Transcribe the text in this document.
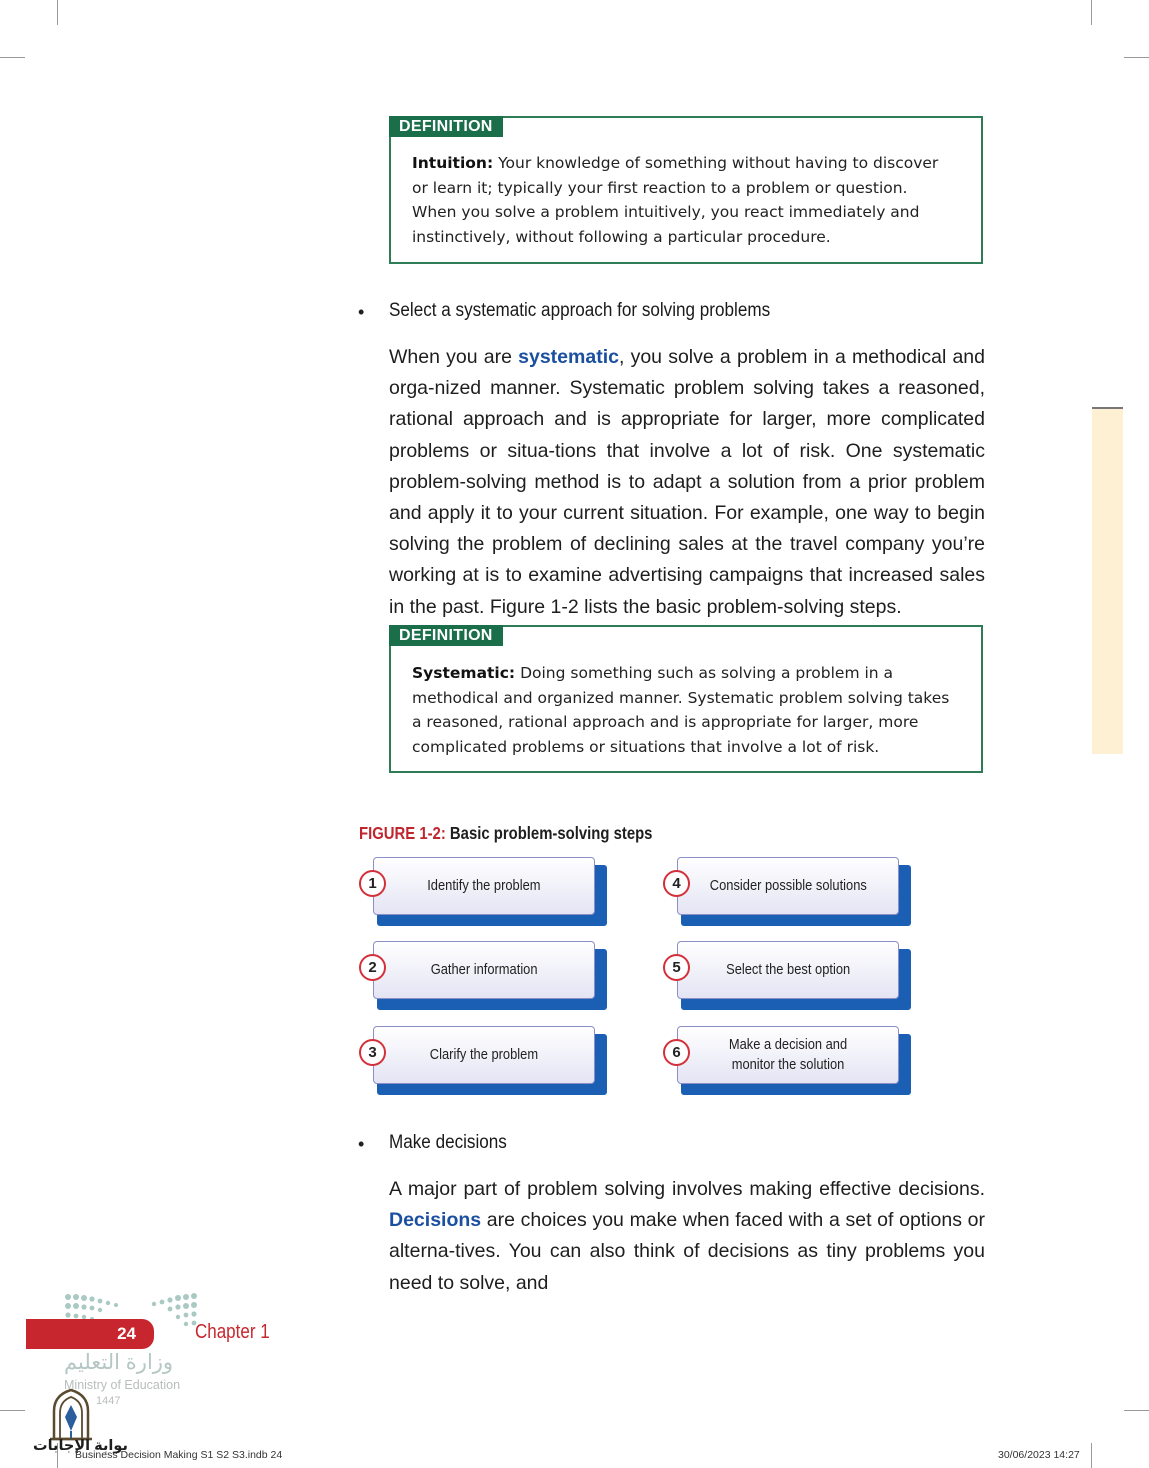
DEFINITION
Intuition: Your knowledge of something without having to discover
or learn it; typically your first reaction to a problem or question.
When you solve a problem intuitively, you react immediately and
instinctively, without following a particular procedure.
• Select a systematic approach for solving problems
When you are systematic, you solve a problem in a methodical and orga-nized manner. Systematic problem solving takes a reasoned, rational approach and is appropriate for larger, more complicated problems or situa-tions that involve a lot of risk. One systematic problem-solving method is to adapt a solution from a prior problem and apply it to your current situation. For example, one way to begin solving the problem of declining sales at the travel company you’re working at is to examine advertising campaigns that increased sales in the past. Figure 1-2 lists the basic problem-solving steps.
DEFINITION
Systematic: Doing something such as solving a problem in a
methodical and organized manner. Systematic problem solving takes
a reasoned, rational approach and is appropriate for larger, more
complicated problems or situations that involve a lot of risk.
FIGURE 1-2: Basic problem-solving steps
Identify the problem
1
Gather information
2
Clarify the problem
3
Consider possible solutions
4
Select the best option
5
Make a decision and monitor the solution
6
• Make decisions
A major part of problem solving involves making effective decisions. Decisions are choices you make when faced with a set of options or alterna-tives. You can also think of decisions as tiny problems you need to solve, and
24	Chapter 1
وزارة التعليم
Ministry of Education
1447
بوابة الإجابات
Business Decision Making S1 S2 S3.indb 24	30/06/2023 14:27
